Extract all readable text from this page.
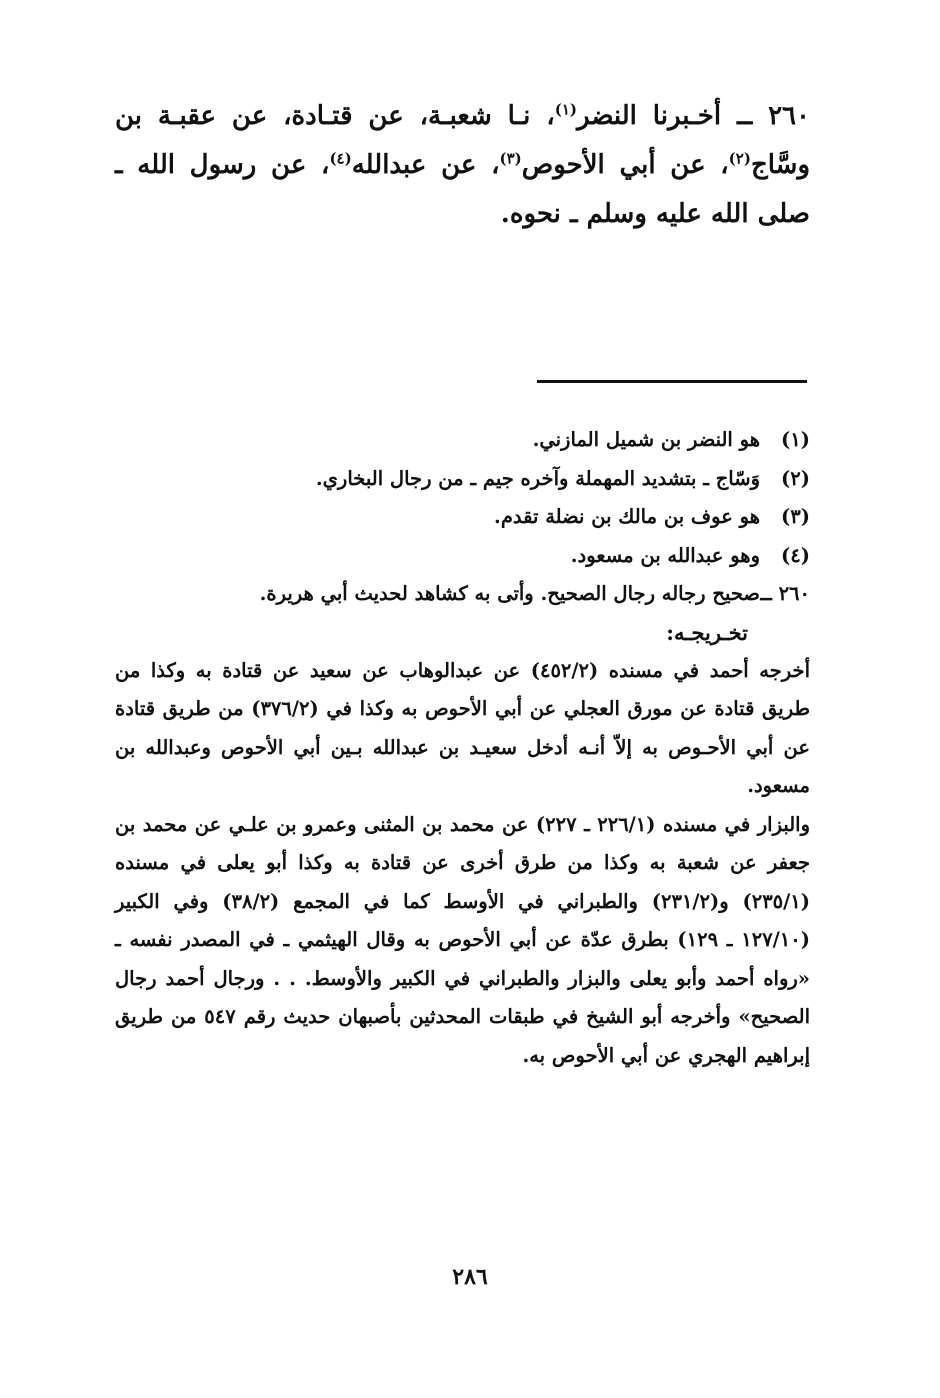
٢٦٠ ــ أخـبرنا النضر$^{(١)}$، نـا شعبـة، عن قتـادة، عن عقبـة بن وسَّاج$^{(٢)}$، عن أبي الأحوص$^{(٣)}$، عن عبدالله$^{(٤)}$، عن رسول الله ـ صلى الله عليه وسلم ـ نحوه.

(١)
هو النضر بن شميل المازني.
(٢)
وَسّاج ـ بتشديد المهملة وآخره جيم ـ من رجال البخاري.
(٣)
هو عوف بن مالك بن نضلة تقدم.
(٤)
وهو عبدالله بن مسعود.
٢٦٠ ــ
صحيح رجاله رجال الصحيح. وأتى به كشاهد لحديث أبي هريرة.
تخـريجـه:

أخرجه أحمد في مسنده (٤٥٢/٢) عن عبدالوهاب عن سعيد عن قتادة به وكذا من طريق قتادة عن مورق العجلي عن أبي الأحوص به وكذا في (٣٧٦/٢) من طريق قتادة عن أبي الأحـوص به إلاّ أنـه أدخل سعيـد بن عبدالله بـين أبي الأحوص وعبدالله بن مسعود.

والبزار في مسنده (٢٢٦/١ ـ ٢٢٧) عن محمد بن المثنى وعمرو بن علـي عن محمد بن جعفر عن شعبة به وكذا من طرق أخرى عن قتادة به وكذا أبو يعلى في مسنده (٢٣٥/١) و(٢٣١/٢) والطبراني في الأوسط كما في المجمع (٣٨/٢) وفي الكبير (١٢٧/١٠ ـ ١٢٩) بطرق عدّة عن أبي الأحوص به وقال الهيثمي ـ في المصدر نفسه ـ «رواه أحمد وأبو يعلى والبزار والطبراني في الكبير والأوسط. . . ورجال أحمد رجال الصحيح» وأخرجه أبو الشيخ في طبقات المحدثين بأصبهان حديث رقم ٥٤٧ من طريق إبراهيم الهجري عن أبي الأحوص به.

٢٨٦
